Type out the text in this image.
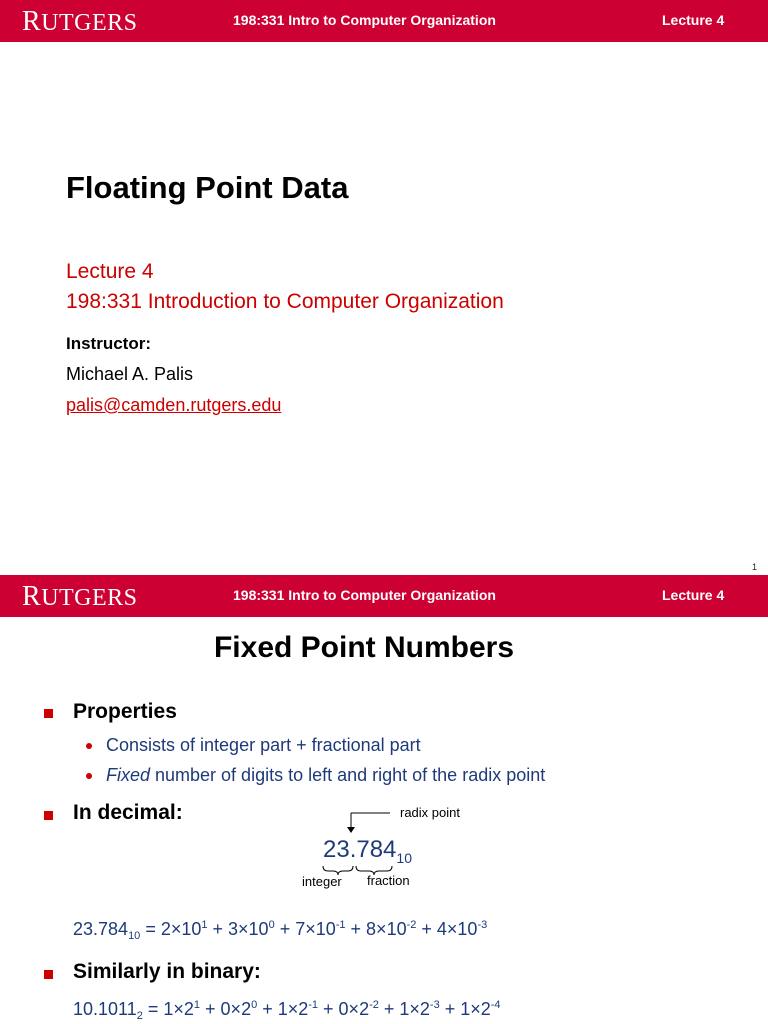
RUTGERS	198:331 Intro to Computer Organization	Lecture 4
Floating Point Data
Lecture 4
198:331 Introduction to Computer Organization
Instructor:
Michael A. Palis
palis@camden.rutgers.edu
1
RUTGERS	198:331 Intro to Computer Organization	Lecture 4
Fixed Point Numbers
Properties
Consists of integer part + fractional part
Fixed number of digits to left and right of the radix point
In decimal:	radix point
$23.784_{10}$
integer fraction
$23.784_{10} = 2\times 10^1 + 3\times 10^0 + 7\times 10^{-1} + 8\times 10^{-2} + 4\times 10^{-3}$
Similarly in binary:
$10.1011_2 = 1\times 2^1 + 0\times 2^0 + 1\times 2^{-1} + 0\times 2^{-2} + 1\times 2^{-3} + 1\times 2^{-4}$
